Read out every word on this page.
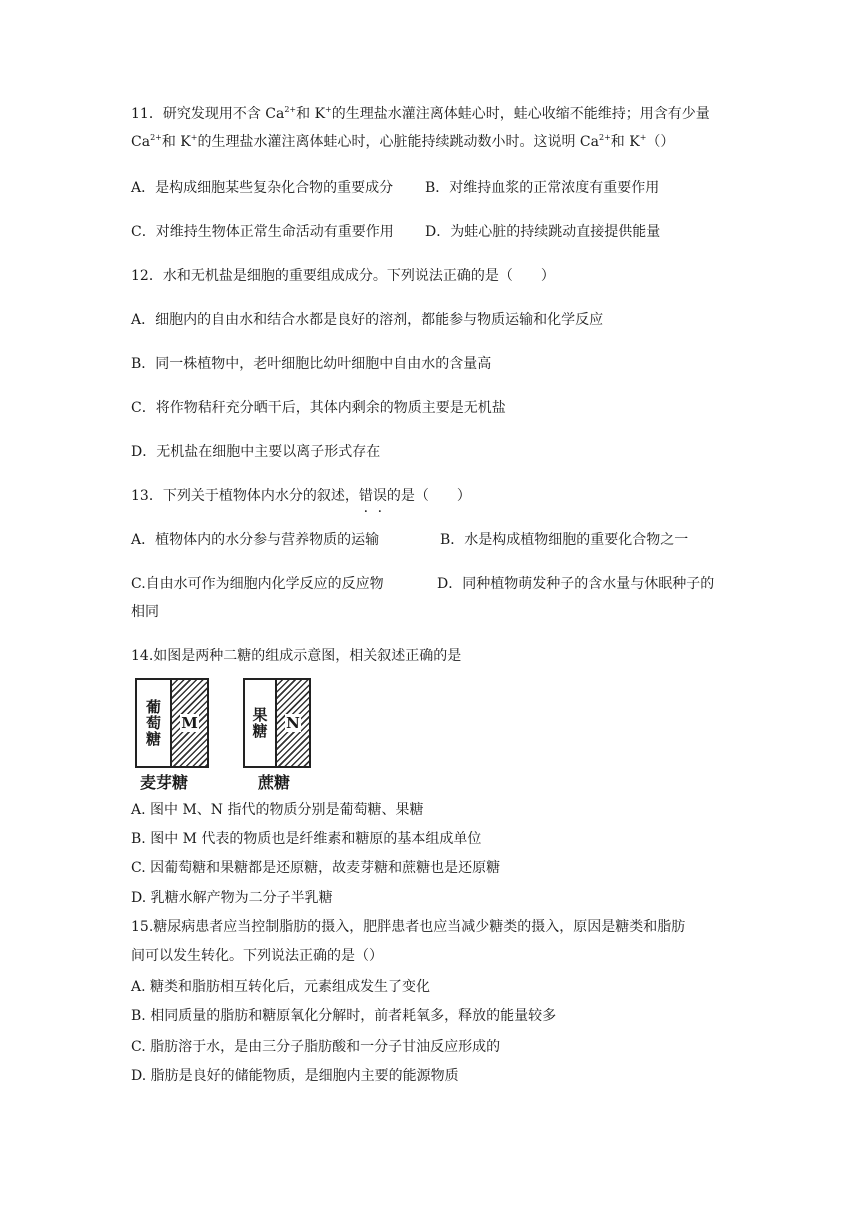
11．研究发现用不含 $Ca^{2+}$和 K+的生理盐水灌注离体蛙心时，蛙心收缩不能维持；用含有少量
$Ca^{2+}$和 K+的生理盐水灌注离体蛙心时，心脏能持续跳动数小时。这说明 $Ca^{2+}$和 K+（）
A．是构成细胞某些复杂化合物的重要成分 B．对维持血浆的正常浓度有重要作用
C．对维持生物体正常生命活动有重要作用 D．为蛙心脏的持续跳动直接提供能量
12．水和无机盐是细胞的重要组成成分。下列说法正确的是（　　）
A．细胞内的自由水和结合水都是良好的溶剂，都能参与物质运输和化学反应
B．同一株植物中，老叶细胞比幼叶细胞中自由水的含量高
C．将作物秸秆充分晒干后，其体内剩余的物质主要是无机盐
D．无机盐在细胞中主要以离子形式存在
13．下列关于植物体内水分的叙述，错误的是（　　）
A．植物体内的水分参与营养物质的运输	B．水是构成植物细胞的重要化合物之一
C.自由水可作为细胞内化学反应的反应物	D．同种植物萌发种子的含水量与休眠种子的
相同
14.如图是两种二糖的组成示意图，相关叙述正确的是
葡萄糖	M
麦芽糖
果糖	N
蔗糖
A. 图中 M、N 指代的物质分别是葡萄糖、果糖
B. 图中 M 代表的物质也是纤维素和糖原的基本组成单位
C. 因葡萄糖和果糖都是还原糖，故麦芽糖和蔗糖也是还原糖
D. 乳糖水解产物为二分子半乳糖
15.糖尿病患者应当控制脂肪的摄入，肥胖患者也应当减少糖类的摄入，原因是糖类和脂肪
间可以发生转化。下列说法正确的是（）
A. 糖类和脂肪相互转化后，元素组成发生了变化
B. 相同质量的脂肪和糖原氧化分解时，前者耗氧多，释放的能量较多
C. 脂肪溶于水，是由三分子脂肪酸和一分子甘油反应形成的
D. 脂肪是良好的储能物质，是细胞内主要的能源物质
